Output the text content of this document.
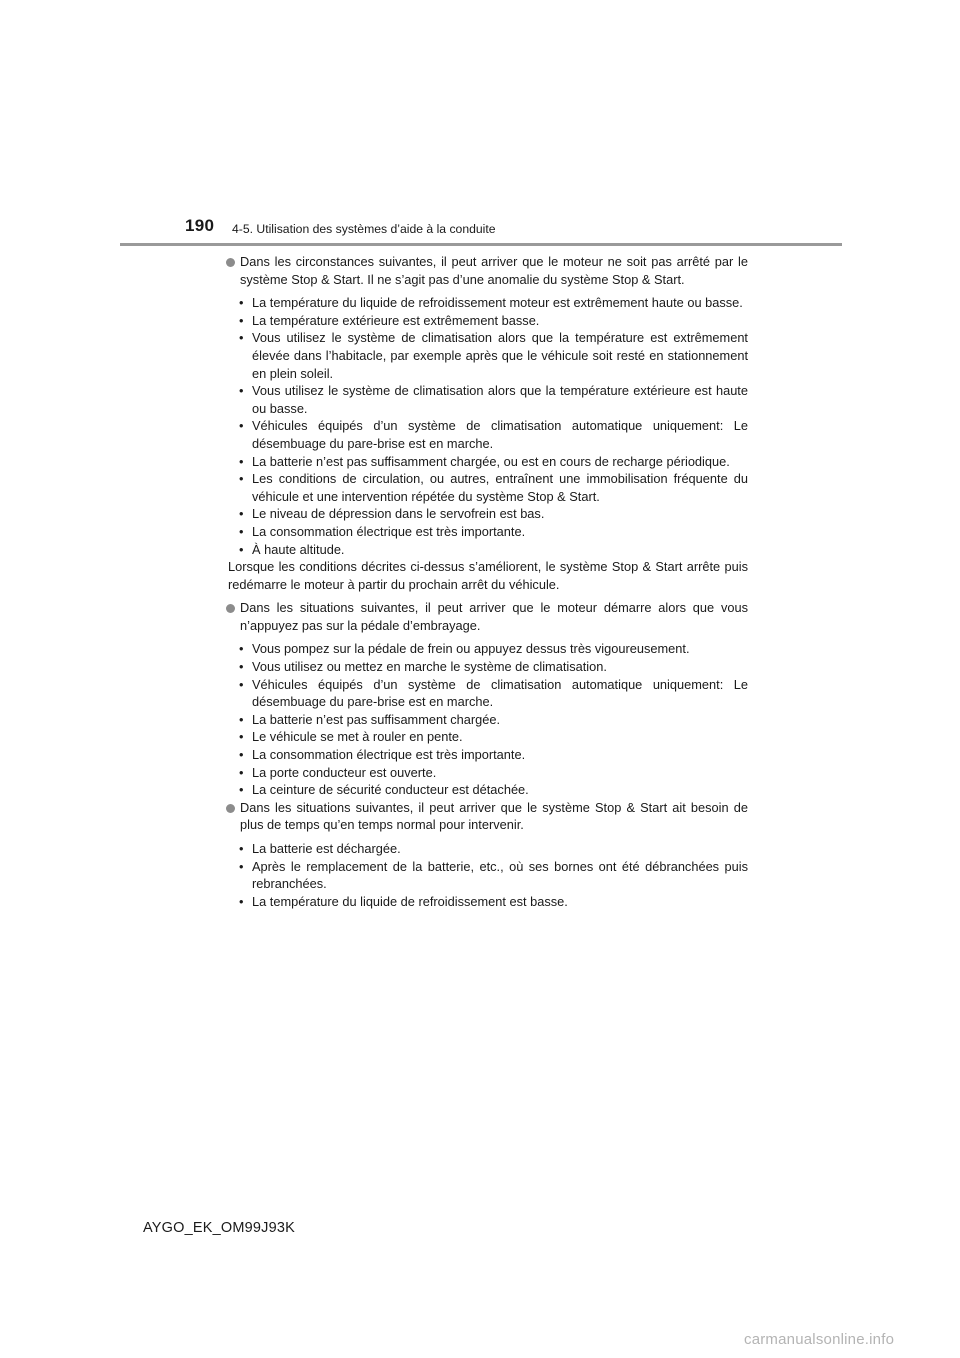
190 4-5. Utilisation des systèmes d’aide à la conduite
Dans les circonstances suivantes, il peut arriver que le moteur ne soit pas arrêté par le système Stop & Start. Il ne s’agit pas d’une anomalie du système Stop & Start.
• La température du liquide de refroidissement moteur est extrêmement haute ou basse.
• La température extérieure est extrêmement basse.
• Vous utilisez le système de climatisation alors que la température est extrêmement élevée dans l’habitacle, par exemple après que le véhicule soit resté en stationnement en plein soleil.
• Vous utilisez le système de climatisation alors que la température extérieure est haute ou basse.
• Véhicules équipés d’un système de climatisation automatique uniquement: Le désembuage du pare-brise est en marche.
• La batterie n’est pas suffisamment chargée, ou est en cours de recharge périodique.
• Les conditions de circulation, ou autres, entraînent une immobilisation fréquente du véhicule et une intervention répétée du système Stop & Start.
• Le niveau de dépression dans le servofrein est bas.
• La consommation électrique est très importante.
• À haute altitude.
Lorsque les conditions décrites ci-dessus s’améliorent, le système Stop & Start arrête puis redémarre le moteur à partir du prochain arrêt du véhicule.
Dans les situations suivantes, il peut arriver que le moteur démarre alors que vous n’appuyez pas sur la pédale d’embrayage.
• Vous pompez sur la pédale de frein ou appuyez dessus très vigoureusement.
• Vous utilisez ou mettez en marche le système de climatisation.
• Véhicules équipés d’un système de climatisation automatique uniquement: Le désembuage du pare-brise est en marche.
• La batterie n’est pas suffisamment chargée.
• Le véhicule se met à rouler en pente.
• La consommation électrique est très importante.
• La porte conducteur est ouverte.
• La ceinture de sécurité conducteur est détachée.
Dans les situations suivantes, il peut arriver que le système Stop & Start ait besoin de plus de temps qu’en temps normal pour intervenir.
• La batterie est déchargée.
• Après le remplacement de la batterie, etc., où ses bornes ont été débranchées puis rebranchées.
• La température du liquide de refroidissement est basse.
AYGO_EK_OM99J93K
carmanualsonline.info
